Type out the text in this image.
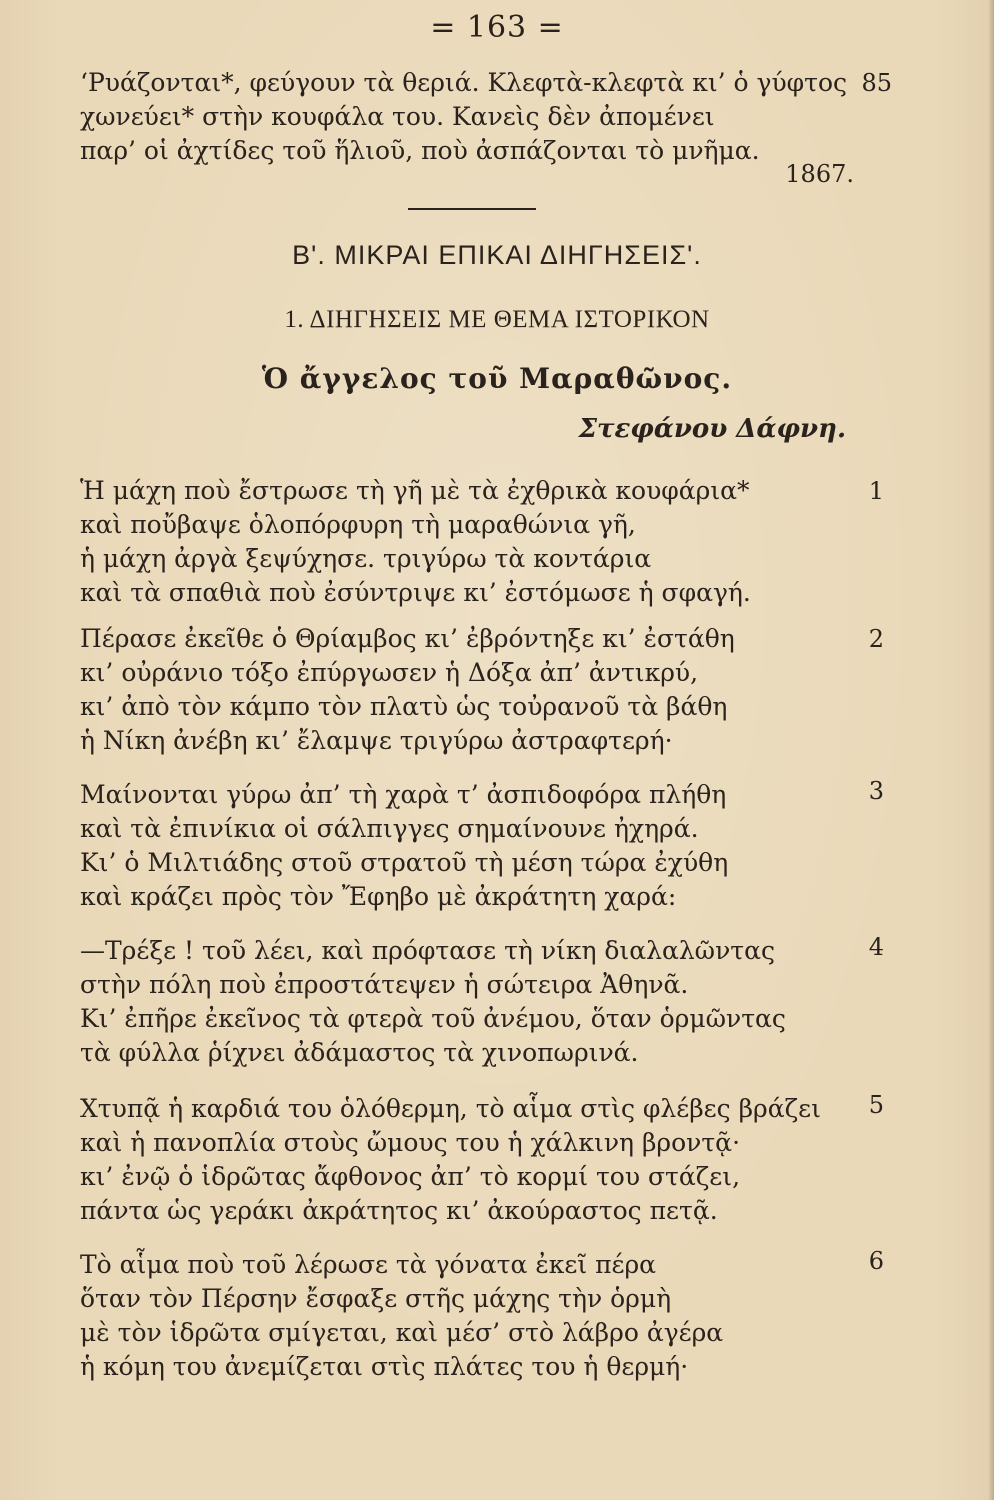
= 163 =
‘Ρυάζονται*, φεύγουν τὰ θεριά. Κλεφτὰ-κλεφτὰ κι’ ὁ γύφτος 85
χωνεύει* στὴν κουφάλα του. Κανεὶς δὲν ἀπομένει
παρ’ οἱ ἀχτίδες τοῦ ἥλιοῦ, ποὺ ἀσπάζονται τὸ μνῆμα.
1867.
Β'. ΜΙΚΡΑΙ ΕΠΙΚΑΙ ΔΙΗΓΗΣΕΙΣ'.
1. ΔΙΗΓΗΣΕΙΣ ΜΕ ΘΕΜΑ ΙΣΤΟΡΙΚΟΝ
Ὁ ἄγγελος τοῦ Μαραθῶνος.
Στεφάνου Δάφνη.
Ἡ μάχη ποὺ ἔστρωσε τὴ γῆ μὲ τὰ ἐχθρικὰ κουφάρια*	1
καὶ ποὔβαψε ὁλοπόρφυρη τὴ μαραθώνια γῆ,
ἡ μάχη ἀργὰ ξεψύχησε. τριγύρω τὰ κοντάρια
καὶ τὰ σπαθιὰ ποὺ ἐσύντριψε κι’ ἐστόμωσε ἡ σφαγή.
Πέρασε ἐκεῖθε ὁ Θρίαμβος κι’ ἐβρόντηξε κι’ ἐστάθη	2
κι’ οὐράνιο τόξο ἐπύργωσεν ἡ Δόξα ἀπ’ ἀντικρύ,
κι’ ἀπὸ τὸν κάμπο τὸν πλατὺ ὡς τοὐρανοῦ τὰ βάθη
ἡ Νίκη ἀνέβη κι’ ἔλαμψε τριγύρω ἀστραφτερή·
Μαίνονται γύρω ἀπ’ τὴ χαρὰ τ’ ἀσπιδοφόρα πλήθη	3
καὶ τὰ ἐπινίκια οἱ σάλπιγγες σημαίνουνε ἠχηρά.
Κι’ ὁ Μιλτιάδης στοῦ στρατοῦ τὴ μέση τώρα ἐχύθη
καὶ κράζει πρὸς τὸν Ἔφηβο μὲ ἀκράτητη χαρά:
—Τρέξε ! τοῦ λέει, καὶ πρόφτασε τὴ νίκη διαλαλῶντας	4
στὴν πόλη ποὺ ἐπροστάτεψεν ἡ σώτειρα Ἀθηνᾶ.
Κι’ ἐπῆρε ἐκεῖνος τὰ φτερὰ τοῦ ἀνέμου, ὅταν ὁρμῶντας
τὰ φύλλα ῥίχνει ἀδάμαστος τὰ χινοπωρινά.
Χτυπᾷ ἡ καρδιά του ὁλόθερμη, τὸ αἷμα στὶς φλέβες βράζει 5
καὶ ἡ πανοπλία στοὺς ὤμους του ἡ χάλκινη βροντᾷ·
κι’ ἐνῷ ὁ ἱδρῶτας ἄφθονος ἀπ’ τὸ κορμί του στάζει,
πάντα ὡς γεράκι ἀκράτητος κι’ ἀκούραστος πετᾷ.
Τὸ αἷμα ποὺ τοῦ λέρωσε τὰ γόνατα ἐκεῖ πέρα	6
ὅταν τὸν Πέρσην ἔσφαξε στῆς μάχης τὴν ὁρμὴ
μὲ τὸν ἱδρῶτα σμίγεται, καὶ μέσ’ στὸ λάβρο ἀγέρα
ἡ κόμη του ἀνεμίζεται στὶς πλάτες του ἡ θερμή·
